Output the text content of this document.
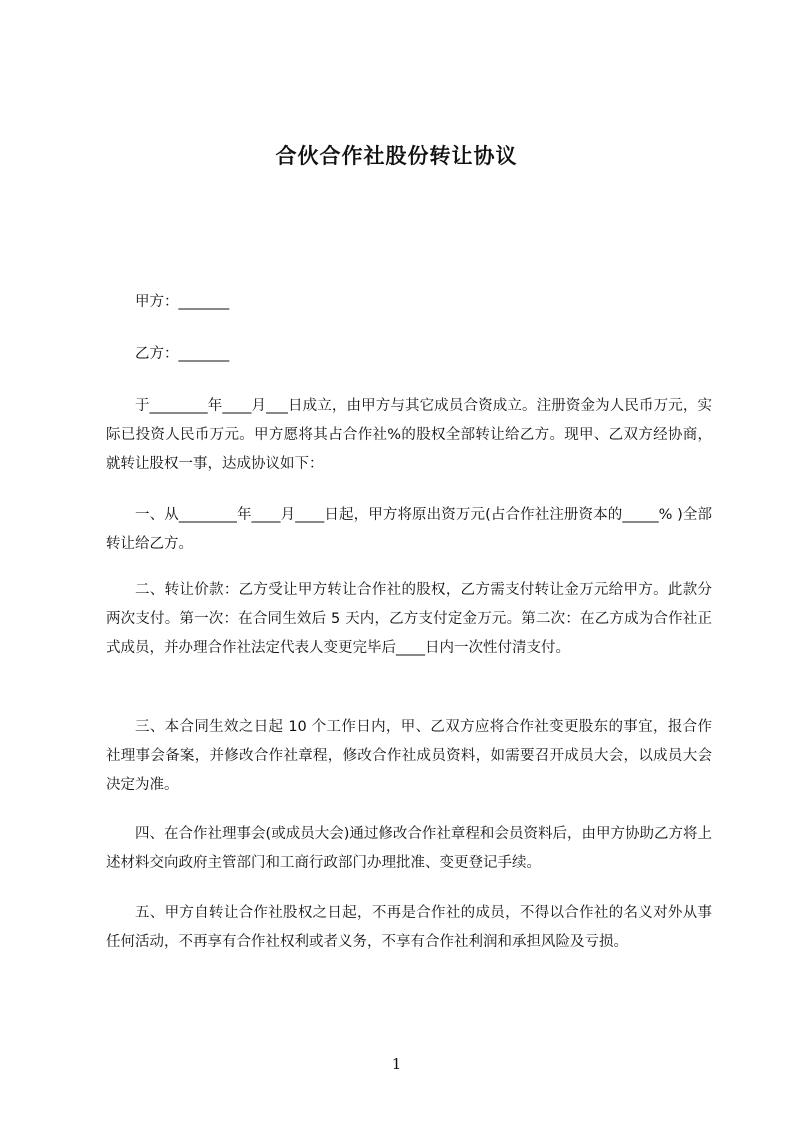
合伙合作社股份转让协议

甲方：_______

乙方：_______

于________年____月___日成立，由甲方与其它成员合资成立。注册资金为人民币万元，实际已投资人民币万元。甲方愿将其占合作社%的股权全部转让给乙方。现甲、乙双方经协商，就转让股权一事，达成协议如下：

一、从________年____月____日起，甲方将原出资万元(占合作社注册资本的_____% )全部转让给乙方。

二、转让价款：乙方受让甲方转让合作社的股权，乙方需支付转让金万元给甲方。此款分两次支付。第一次：在合同生效后 5 天内，乙方支付定金万元。第二次：在乙方成为合作社正式成员，并办理合作社法定代表人变更完毕后____日内一次性付清支付。

三、本合同生效之日起 10 个工作日内，甲、乙双方应将合作社变更股东的事宜，报合作社理事会备案，并修改合作社章程，修改合作社成员资料，如需要召开成员大会，以成员大会决定为准。

四、在合作社理事会(或成员大会)通过修改合作社章程和会员资料后，由甲方协助乙方将上述材料交向政府主管部门和工商行政部门办理批准、变更登记手续。

五、甲方自转让合作社股权之日起，不再是合作社的成员，不得以合作社的名义对外从事任何活动，不再享有合作社权利或者义务，不享有合作社利润和承担风险及亏损。

1
